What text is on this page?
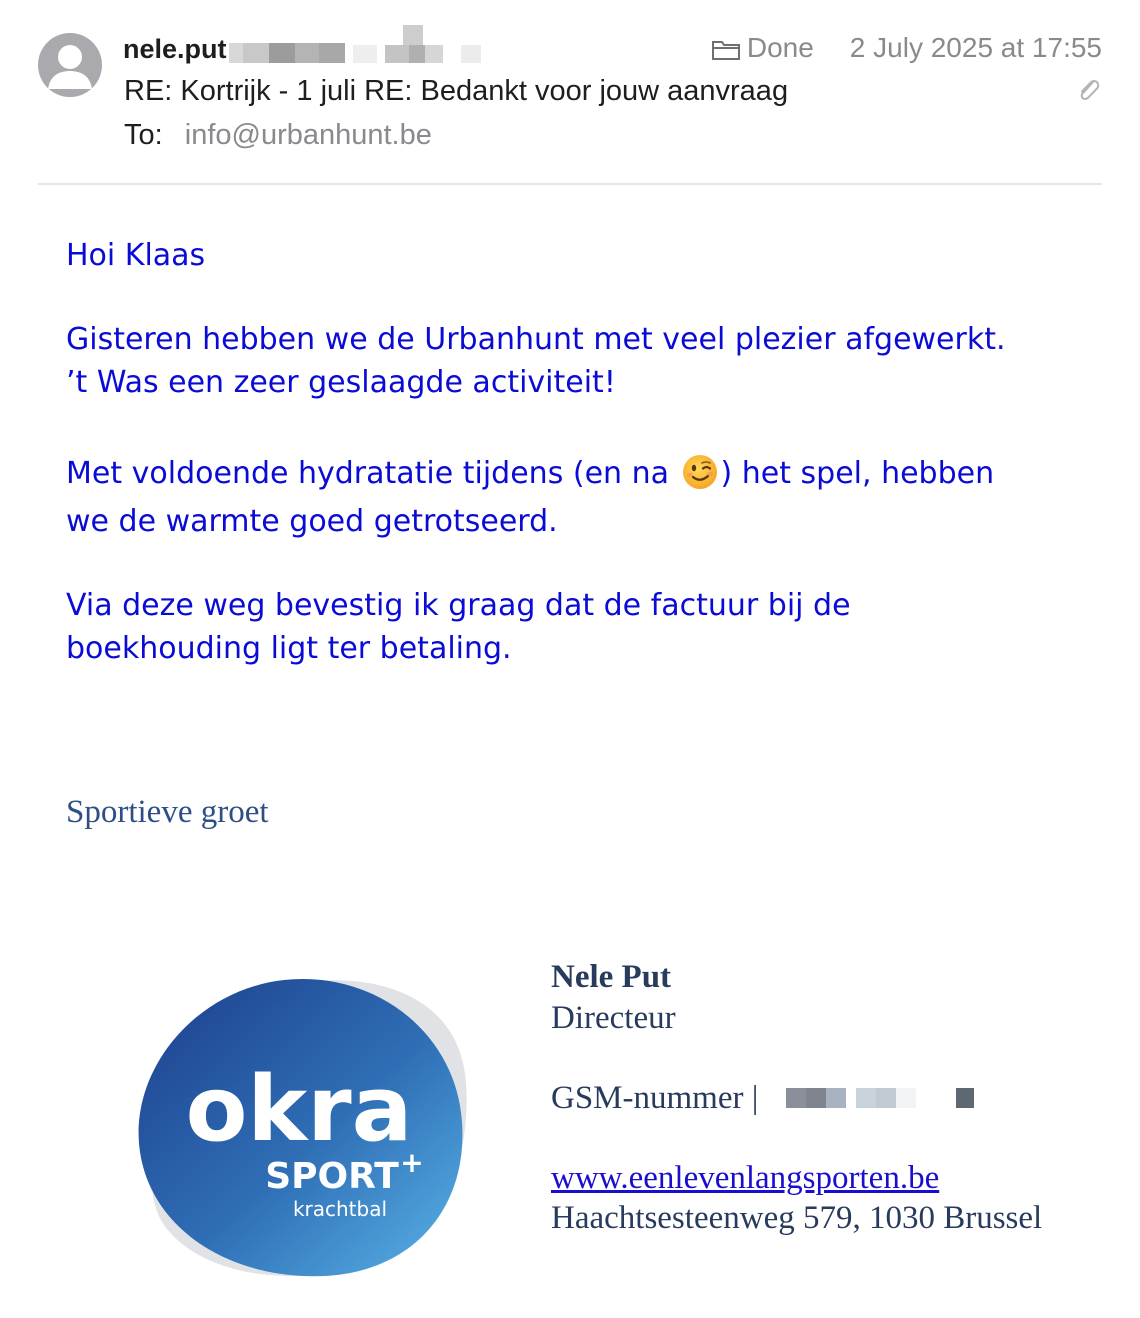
nele.put	Done 2 July 2025 at 17:55
RE: Kortrijk - 1 juli RE: Bedankt voor jouw aanvraag
To: info@urbanhunt.be

Hoi Klaas

Gisteren hebben we de Urbanhunt met veel plezier afgewerkt.
’t Was een zeer geslaagde activiteit!

Met voldoende hydratatie tijdens (en na ) het spel, hebben
we de warmte goed getrotseerd.

Via deze weg bevestig ik graag dat de factuur bij de
boekhouding ligt ter betaling.

Sportieve groet
okra
SPORT +
krachtbal
Nele Put
Directeur
GSM-nummer |
www.eenlevenlangsporten.be
Haachtsesteenweg 579, 1030 Brussel
